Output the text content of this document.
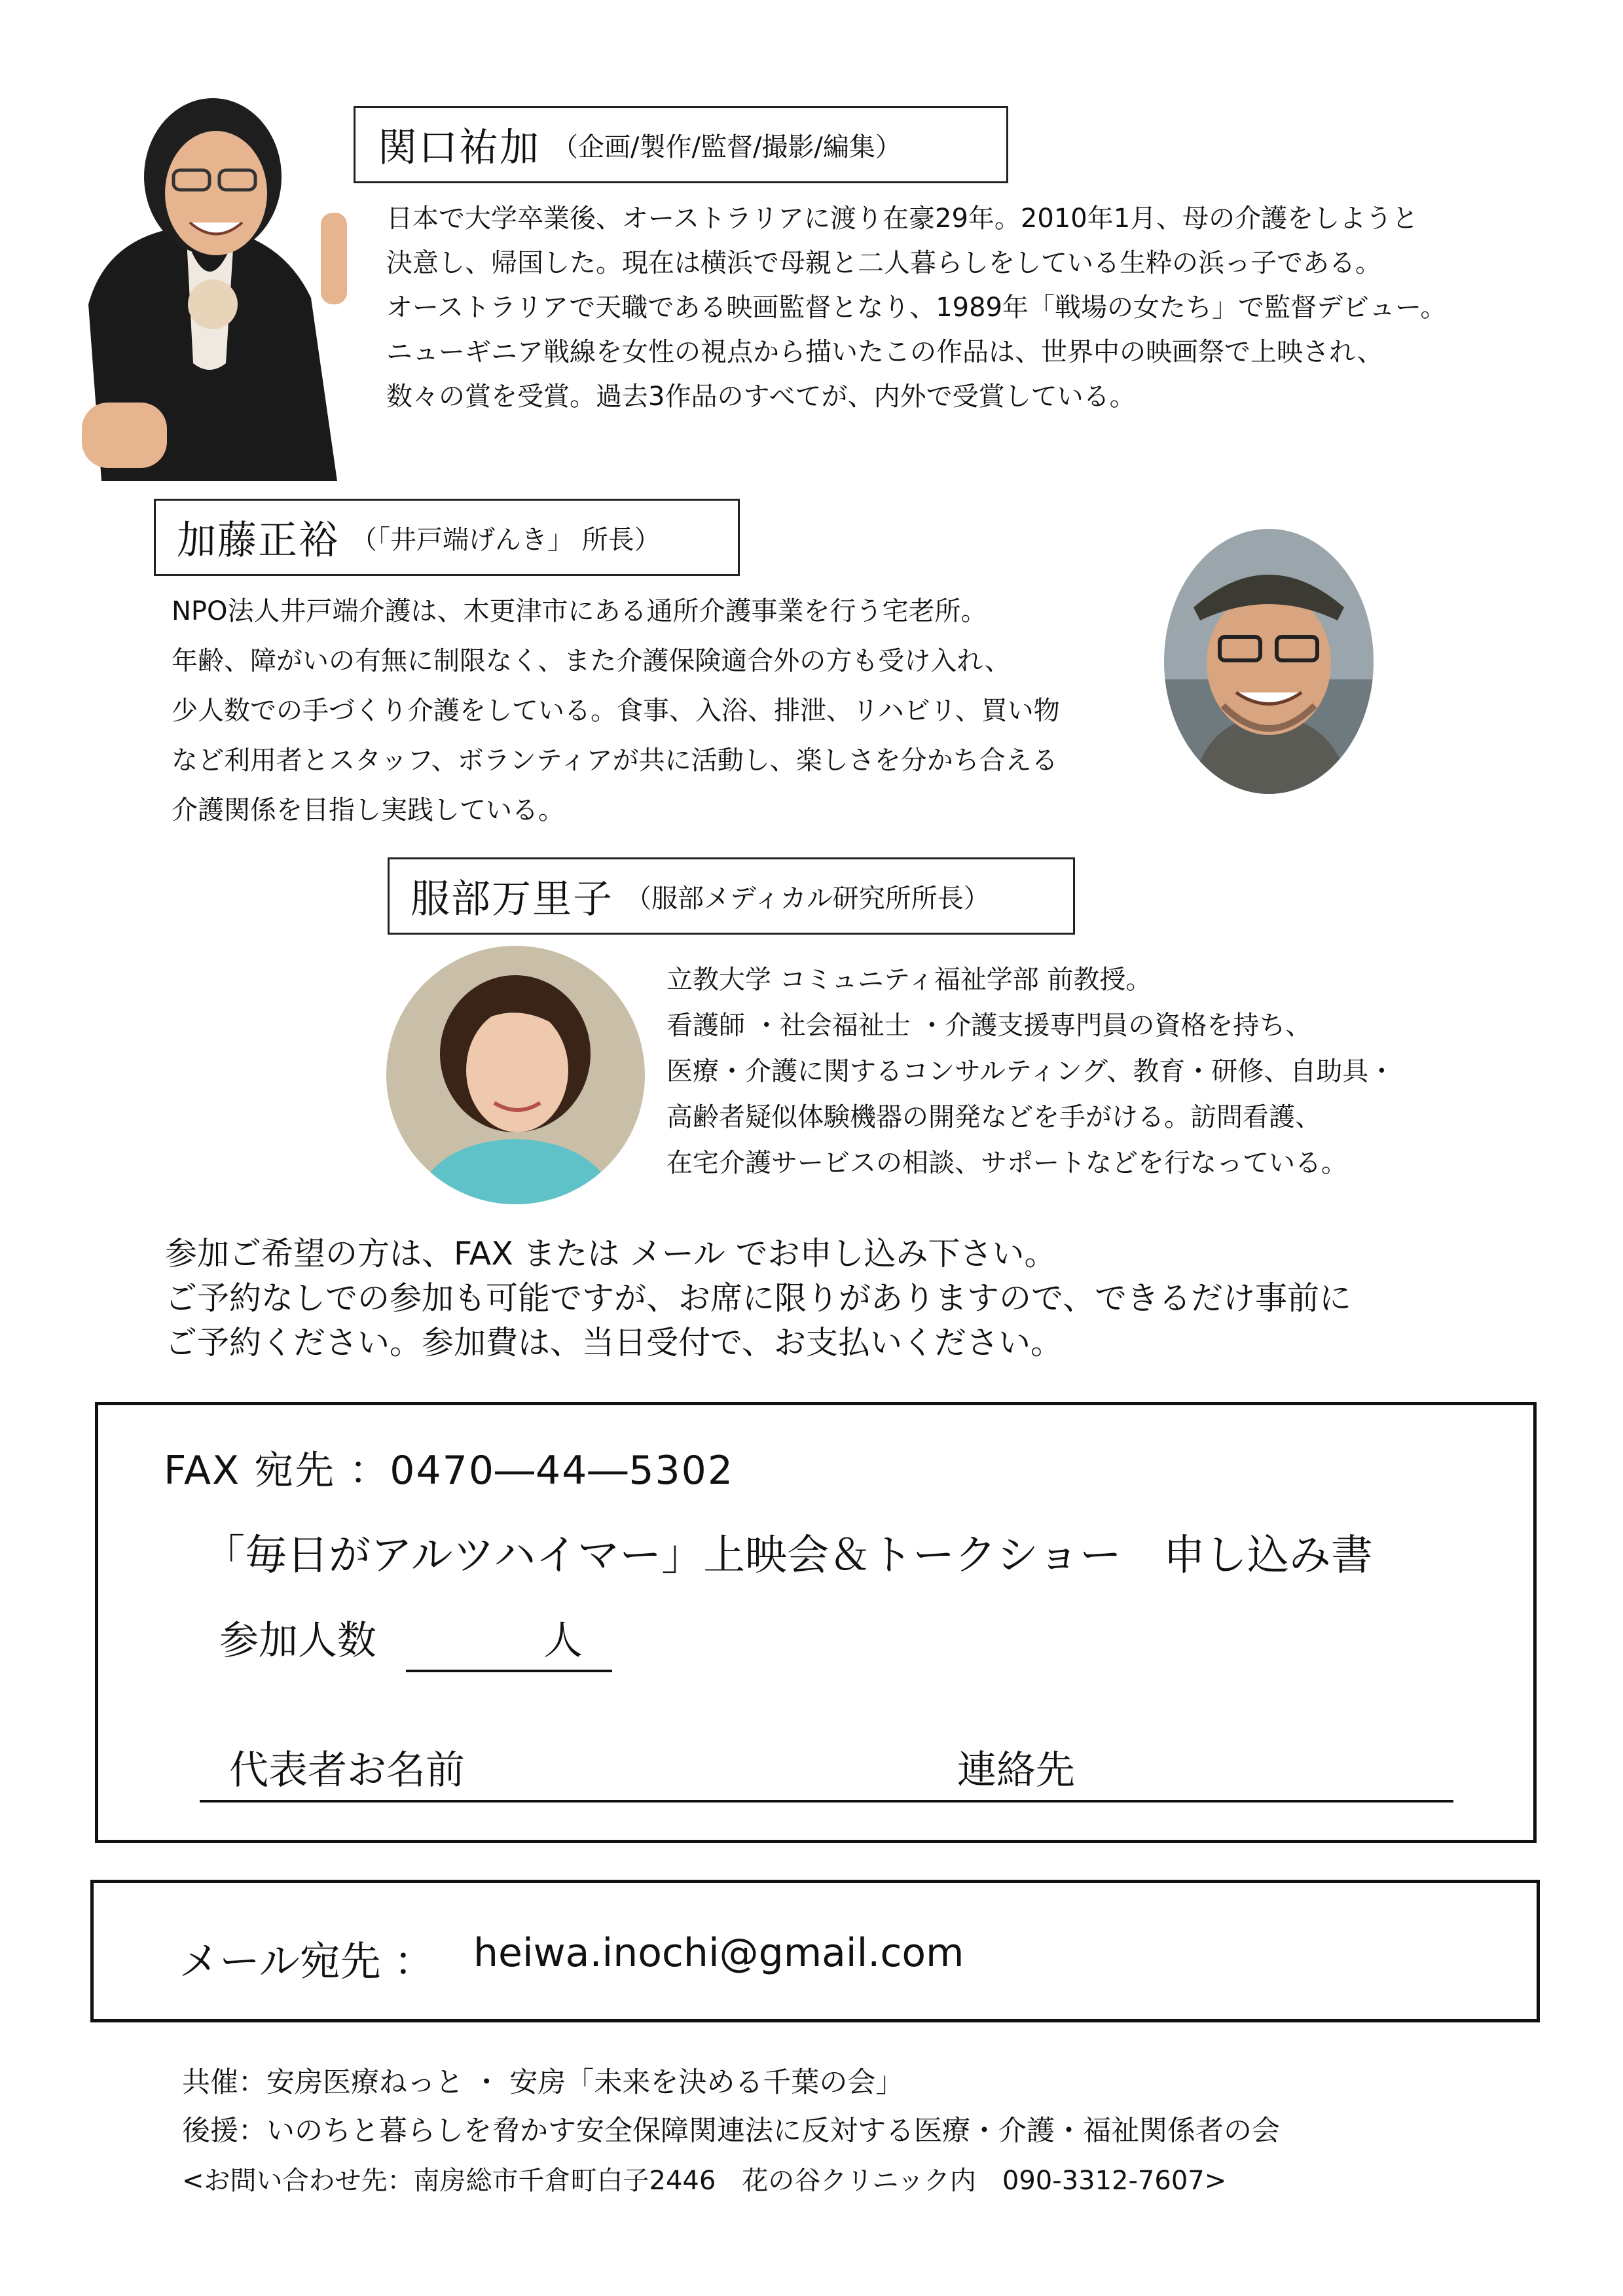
関口祐加 （企画/製作/監督/撮影/編集）
日本で大学卒業後、オーストラリアに渡り在豪29年。2010年1月、母の介護をしようと
決意し、帰国した。現在は横浜で母親と二人暮らしをしている生粋の浜っ子である。
オーストラリアで天職である映画監督となり、1989年「戦場の女たち」で監督デビュー。
ニューギニア戦線を女性の視点から描いたこの作品は、世界中の映画祭で上映され、
数々の賞を受賞。過去3作品のすべてが、内外で受賞している。
加藤正裕 （「井戸端げんき」 所長）
NPO法人井戸端介護は、木更津市にある通所介護事業を行う宅老所。
年齢、障がいの有無に制限なく、また介護保険適合外の方も受け入れ、
少人数での手づくり介護をしている。食事、入浴、排泄、リハビリ、買い物
など利用者とスタッフ、ボランティアが共に活動し、楽しさを分かち合える
介護関係を目指し実践している。
服部万里子 （服部メディカル研究所所長）
立教大学 コミュニティ福祉学部 前教授。
看護師 ・社会福祉士 ・介護支援専門員の資格を持ち、
医療・介護に関するコンサルティング、教育・研修、自助具・
高齢者疑似体験機器の開発などを手がける。訪問看護、
在宅介護サービスの相談、サポートなどを行なっている。
参加ご希望の方は、FAX または メール でお申し込み下さい。
ご予約なしでの参加も可能ですが、お席に限りがありますので、できるだけ事前に
ご予約ください。参加費は、当日受付で、お支払いください。
FAX 宛先 ：0470―44―5302
「毎日がアルツハイマー」上映会＆トークショー　申し込み書
参加人数	人
代表者お名前	連絡先
メール宛先 ： heiwa.inochi@gmail.com
共催：安房医療ねっと ・ 安房「未来を決める千葉の会」
後援：いのちと暮らしを脅かす安全保障関連法に反対する医療・介護・福祉関係者の会
<お問い合わせ先：南房総市千倉町白子2446　花の谷クリニック内　090-3312-7607>
